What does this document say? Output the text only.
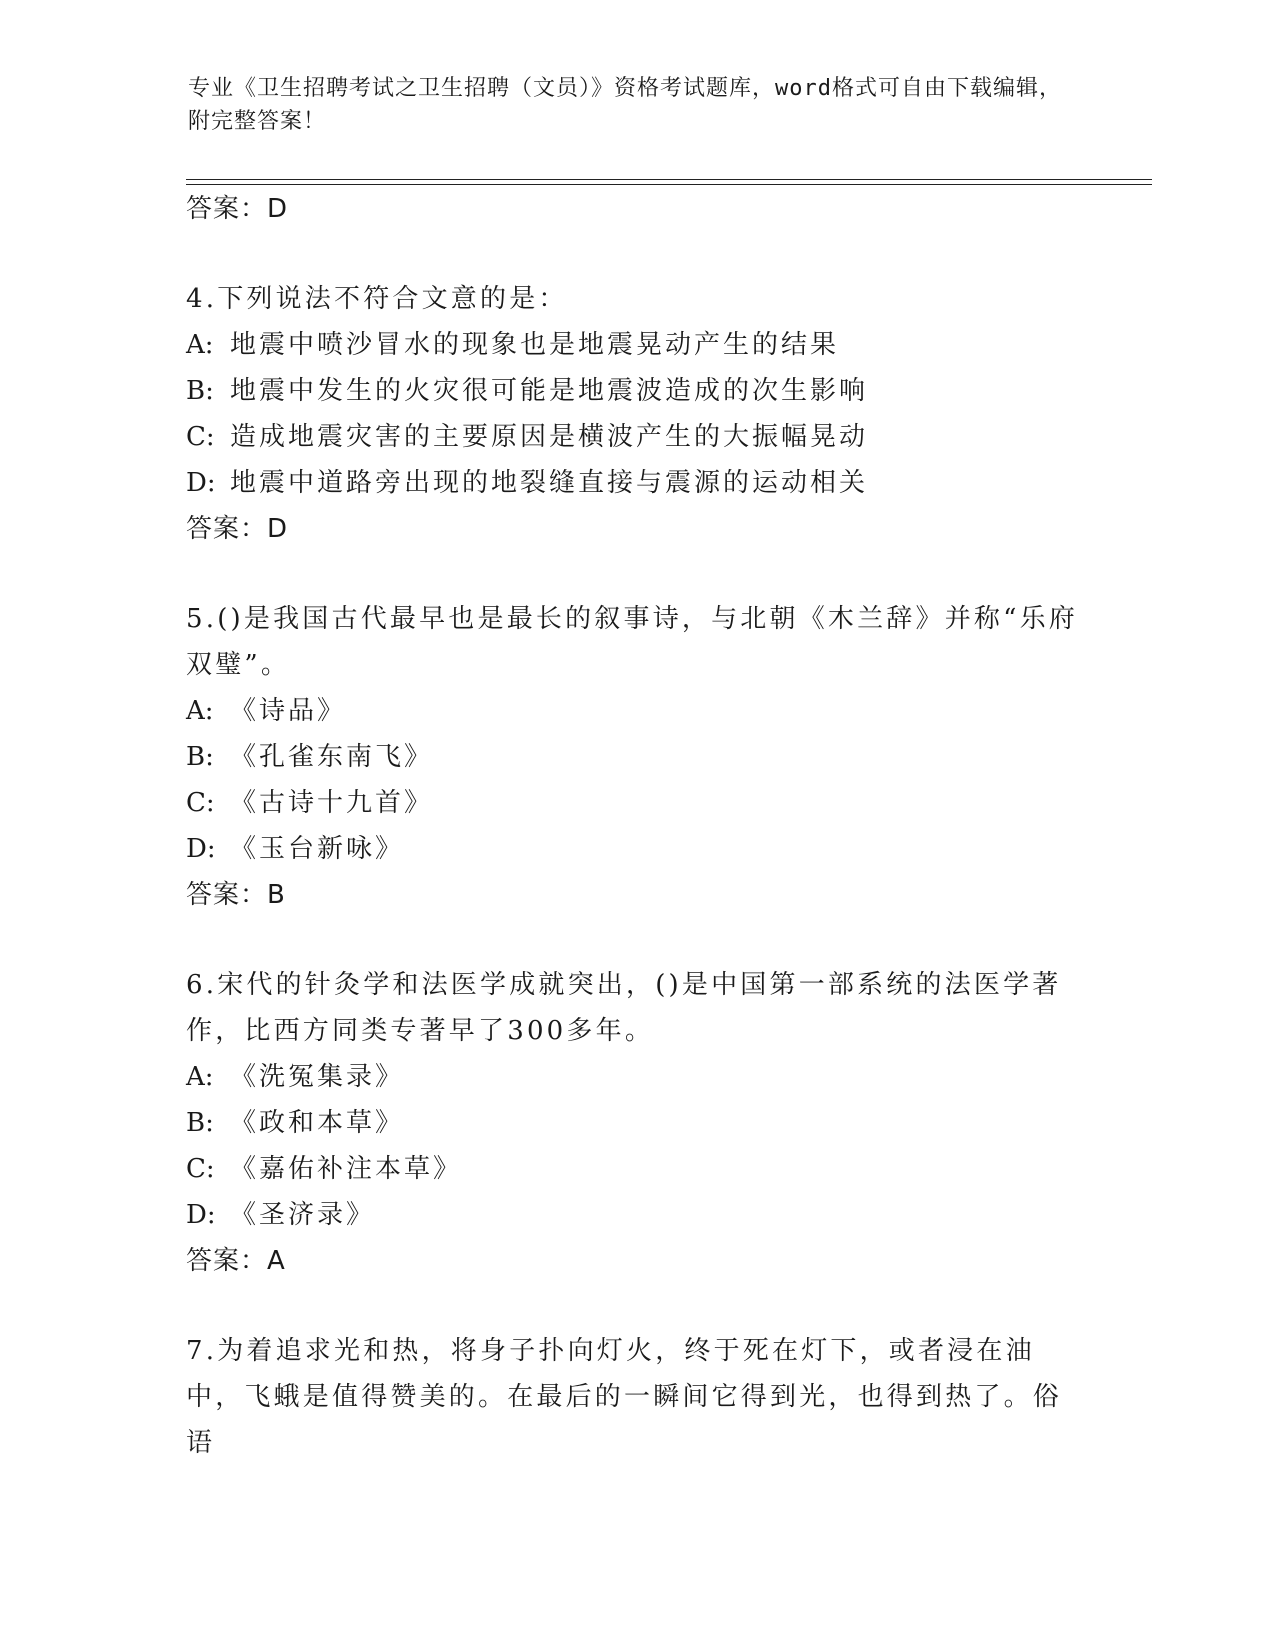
专业《卫生招聘考试之卫生招聘（文员）》资格考试题库，word格式可自由下载编辑，附完整答案！
答案：D
4.下列说法不符合文意的是：
A: 地震中喷沙冒水的现象也是地震晃动产生的结果
B: 地震中发生的火灾很可能是地震波造成的次生影响
C: 造成地震灾害的主要原因是横波产生的大振幅晃动
D: 地震中道路旁出现的地裂缝直接与震源的运动相关
答案：D
5.()是我国古代最早也是最长的叙事诗，与北朝《木兰辞》并称“乐府双璧”。
A: 《诗品》
B: 《孔雀东南飞》
C: 《古诗十九首》
D: 《玉台新咏》
答案：B
6.宋代的针灸学和法医学成就突出，()是中国第一部系统的法医学著作，比西方同类专著早了300多年。
A: 《洗冤集录》
B: 《政和本草》
C: 《嘉佑补注本草》
D: 《圣济录》
答案：A
7.为着追求光和热，将身子扑向灯火，终于死在灯下，或者浸在油中，飞蛾是值得赞美的。在最后的一瞬间它得到光，也得到热了。俗语
